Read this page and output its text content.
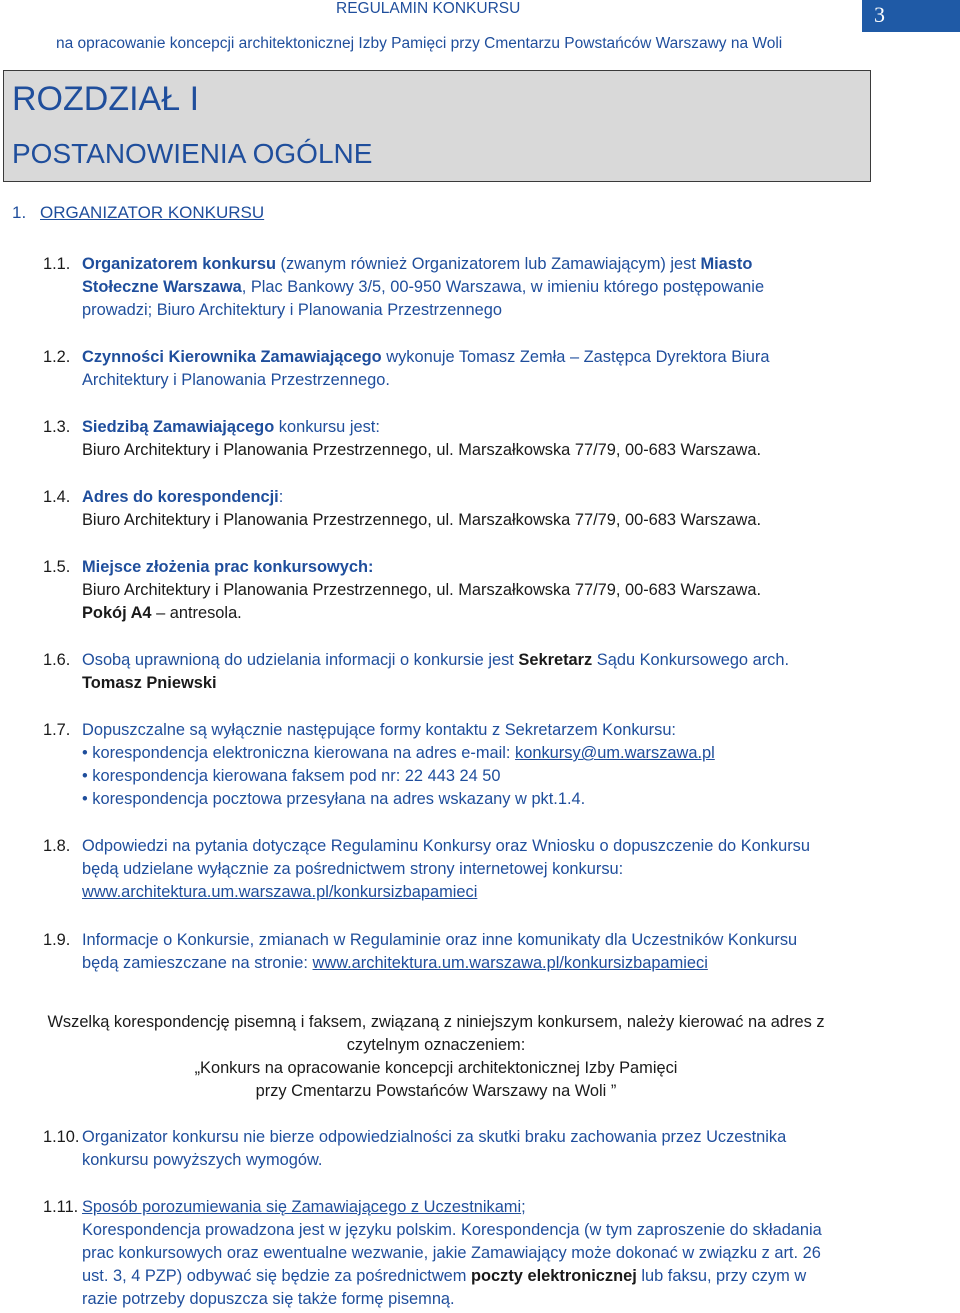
REGULAMIN KONKURSU
na opracowanie koncepcji architektonicznej Izby Pamięci przy Cmentarzu Powstańców Warszawy na Woli
3
ROZDZIAŁ I
POSTANOWIENIA OGÓLNE
1. ORGANIZATOR KONKURSU
1.1. Organizatorem konkursu (zwanym również Organizatorem lub Zamawiającym) jest Miasto Stołeczne Warszawa, Plac Bankowy 3/5, 00-950 Warszawa, w imieniu którego postępowanie prowadzi; Biuro Architektury i Planowania Przestrzennego
1.2. Czynności Kierownika Zamawiającego wykonuje Tomasz Zemła – Zastępca Dyrektora Biura Architektury i Planowania Przestrzennego.
1.3. Siedzibą Zamawiającego konkursu jest:
Biuro Architektury i Planowania Przestrzennego, ul. Marszałkowska 77/79, 00-683 Warszawa.
1.4. Adres do korespondencji:
Biuro Architektury i Planowania Przestrzennego, ul. Marszałkowska 77/79, 00-683 Warszawa.
1.5. Miejsce złożenia prac konkursowych:
Biuro Architektury i Planowania Przestrzennego, ul. Marszałkowska 77/79, 00-683 Warszawa.
Pokój A4 – antresola.
1.6. Osobą uprawnioną do udzielania informacji o konkursie jest Sekretarz Sądu Konkursowego arch. Tomasz Pniewski
1.7. Dopuszczalne są wyłącznie następujące formy kontaktu z Sekretarzem Konkursu:
• korespondencja elektroniczna kierowana na adres e-mail: konkursy@um.warszawa.pl
• korespondencja kierowana faksem pod nr: 22 443 24 50
• korespondencja pocztowa przesyłana na adres wskazany w pkt.1.4.
1.8. Odpowiedzi na pytania dotyczące Regulaminu Konkursy oraz Wniosku o dopuszczenie do Konkursu będą udzielane wyłącznie za pośrednictwem strony internetowej konkursu:
www.architektura.um.warszawa.pl/konkursizbapamieci
1.9. Informacje o Konkursie, zmianach w Regulaminie oraz inne komunikaty dla Uczestników Konkursu będą zamieszczane na stronie: www.architektura.um.warszawa.pl/konkursizbapamieci
Wszelką korespondencję pisemną i faksem, związaną z niniejszym konkursem, należy kierować na adres z czytelnym oznaczeniem:
„Konkurs na opracowanie koncepcji architektonicznej Izby Pamięci
przy Cmentarzu Powstańców Warszawy na Woli ”
1.10. Organizator konkursu nie bierze odpowiedzialności za skutki braku zachowania przez Uczestnika konkursu powyższych wymogów.
1.11. Sposób porozumiewania się Zamawiającego z Uczestnikami;
Korespondencja prowadzona jest w języku polskim. Korespondencja (w tym zaproszenie do składania prac konkursowych oraz ewentualne wezwanie, jakie Zamawiający może dokonać w związku z art. 26 ust. 3, 4 PZP) odbywać się będzie za pośrednictwem poczty elektronicznej lub faksu, przy czym w razie potrzeby dopuszcza się także formę pisemną.
